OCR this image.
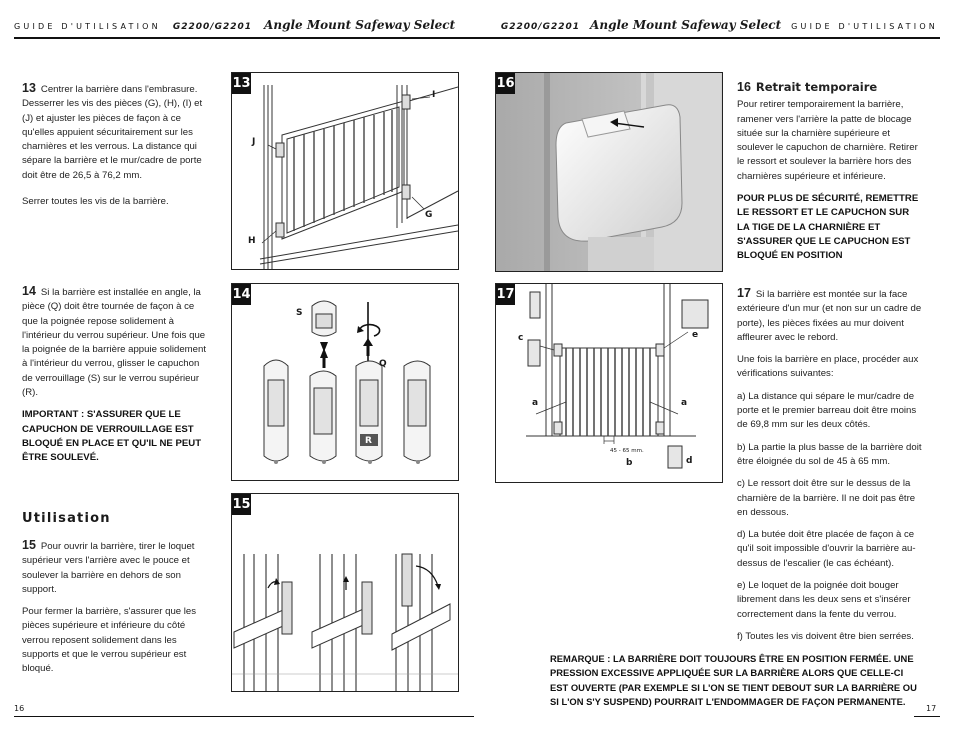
GUIDE D'UTILISATION G2200/G2201 Angle Mount Safeway Select	G2200/G2201 Angle Mount Safeway Select GUIDE D'UTILISATION

13 Centrer la barrière dans l'embrasure. Desserrer les vis des pièces (G), (H), (I) et (J) et ajuster les pièces de façon à ce qu'elles appuient sécuritairement sur les charnières et les verrous. La distance qui sépare la barrière et le mur/cadre de porte doit être de 26,5 à 76,2 mm.

Serrer toutes les vis de la barrière.

14 Si la barrière est installée en angle, la pièce (Q) doit être tournée de façon à ce que la poignée repose solidement à l'intérieur du verrou supérieur. Une fois que la poignée de la barrière appuie solidement à l'intérieur du verrou, glisser le capuchon de verrouillage (S) sur le verrou supérieur (R).

IMPORTANT : S'ASSURER QUE LE CAPUCHON DE VERROUILLAGE EST BLOQUÉ EN PLACE ET QU'IL NE PEUT ÊTRE SOULEVÉ.

Utilisation

15 Pour ouvrir la barrière, tirer le loquet supérieur vers l'arrière avec le pouce et soulever la barrière en dehors de son support.

Pour fermer la barrière, s'assurer que les pièces supérieure et inférieure du côté verrou reposent solidement dans les supports et que le verrou supérieur est bloqué.

13
I
J
G
H
14
S
Q
R
15
16
17
c	e
a	a
b	d
45 - 65 mm.
16 Retrait temporaire

Pour retirer temporairement la barrière, ramener vers l'arrière la patte de blocage située sur la charnière supérieure et soulever le capuchon de charnière. Retirer le ressort et soulever la barrière hors des charnières supérieure et inférieure.

POUR PLUS DE SÉCURITÉ, REMETTRE LE RESSORT ET LE CAPUCHON SUR LA TIGE DE LA CHARNIÈRE ET S'ASSURER QUE LE CAPUCHON EST BLOQUÉ EN POSITION

17 Si la barrière est montée sur la face extérieure d'un mur (et non sur un cadre de porte), les pièces fixées au mur doivent affleurer avec le rebord.

Une fois la barrière en place, procéder aux vérifications suivantes:

a) La distance qui sépare le mur/cadre de porte et le premier barreau doit être moins de 69,8 mm sur les deux côtés.

b) La partie la plus basse de la barrière doit être éloignée du sol de 45 à 65 mm.

c) Le ressort doit être sur le dessus de la charnière de la barrière. Il ne doit pas être en dessous.

d) La butée doit être placée de façon à ce qu'il soit impossible d'ouvrir la barrière au-dessus de l'escalier (le cas échéant).

e) Le loquet de la poignée doit bouger librement dans les deux sens et s'insérer correctement dans la fente du verrou.

f) Toutes les vis doivent être bien serrées.

REMARQUE : LA BARRIÈRE DOIT TOUJOURS ÊTRE EN POSITION FERMÉE. UNE PRESSION EXCESSIVE APPLIQUÉE SUR LA BARRIÈRE ALORS QUE CELLE-CI EST OUVERTE (PAR EXEMPLE SI L'ON SE TIENT DEBOUT SUR LA BARRIÈRE OU SI L'ON S'Y SUSPEND) POURRAIT L'ENDOMMAGER DE FAÇON PERMANENTE.
16	17
